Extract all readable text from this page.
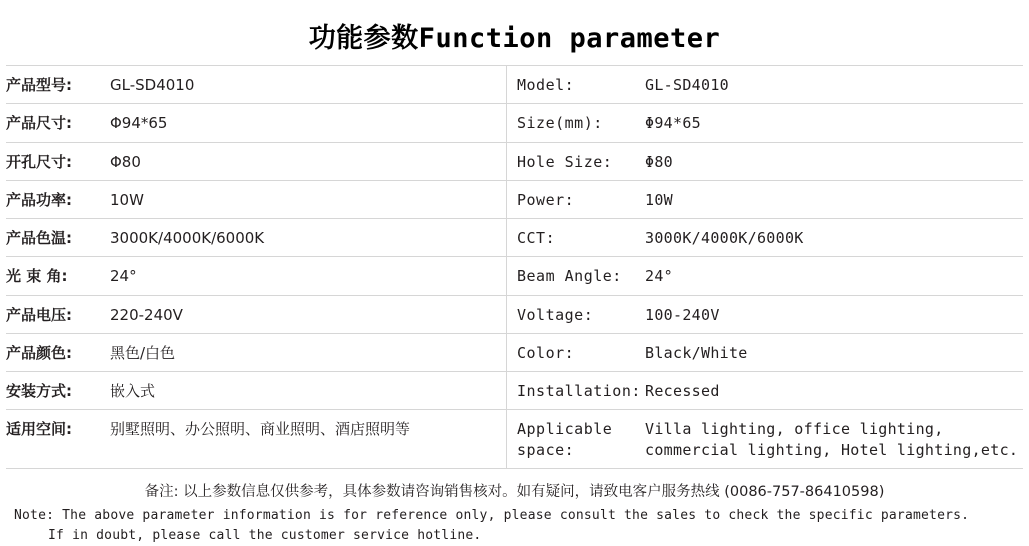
功能参数Function parameter
产品型号:	GL-SD4010		Model:	GL-SD4010
产品尺寸:	Φ94*65		Size(mm):	Φ94*65
开孔尺寸:	Φ80		Hole Size:	Φ80
产品功率:	10W		Power:	10W
产品色温:	3000K/4000K/6000K		CCT:	3000K/4000K/6000K
光 束 角:	24°		Beam Angle:	24°
产品电压:	220-240V		Voltage:	100-240V
产品颜色:	黑色/白色		Color:	Black/White
安装方式:	嵌入式		Installation:	Recessed
适用空间:	别墅照明、办公照明、商业照明、酒店照明等		Applicable space:	Villa lighting, office lighting, commercial lighting, Hotel lighting,etc.
备注: 以上参数信息仅供参考，具体参数请咨询销售核对。如有疑问，请致电客户服务热线 (0086-757-86410598)
Note: The above parameter information is for reference only, please consult the sales to check the specific parameters.
If in doubt, please call the customer service hotline.
